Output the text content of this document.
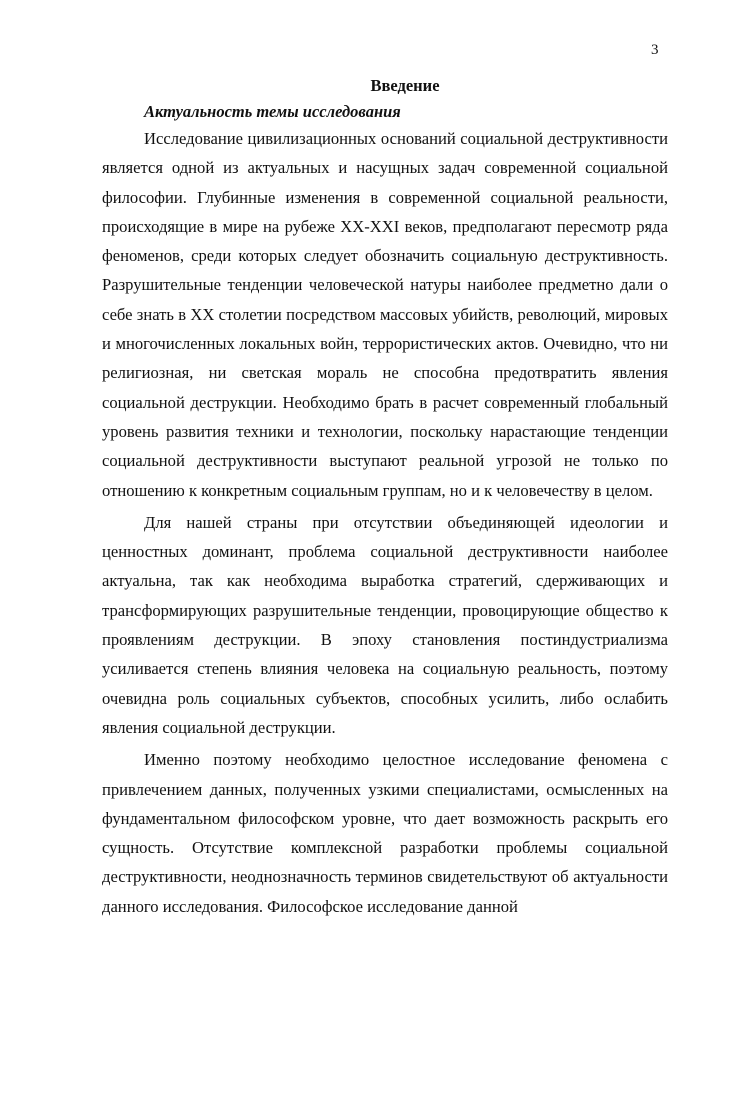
3
Введение
Актуальность темы исследования

Исследование цивилизационных оснований социальной деструктивности является одной из актуальных и насущных задач современной социальной философии. Глубинные изменения в современной социальной реальности, происходящие в мире на рубеже XX-XXI веков, предполагают пересмотр ряда феноменов, среди которых следует обозначить социальную деструктивность. Разрушительные тенденции человеческой натуры наиболее предметно дали о себе знать в XX столетии посредством массовых убийств, революций, мировых и многочисленных локальных войн, террористических актов. Очевидно, что ни религиозная, ни светская мораль не способна предотвратить явления социальной деструкции. Необходимо брать в расчет современный глобальный уровень развития техники и технологии, поскольку нарастающие тенденции социальной деструктивности выступают реальной угрозой не только по отношению к конкретным социальным группам, но и к человечеству в целом.

Для нашей страны при отсутствии объединяющей идеологии и ценностных доминант, проблема социальной деструктивности наиболее актуальна, так как необходима выработка стратегий, сдерживающих и трансформирующих разрушительные тенденции, провоцирующие общество к проявлениям деструкции. В эпоху становления постиндустриализма усиливается степень влияния человека на социальную реальность, поэтому очевидна роль социальных субъектов, способных усилить, либо ослабить явления социальной деструкции.

Именно поэтому необходимо целостное исследование феномена с привлечением данных, полученных узкими специалистами, осмысленных на фундаментальном философском уровне, что дает возможность раскрыть его сущность. Отсутствие комплексной разработки проблемы социальной деструктивности, неоднозначность терминов свидетельствуют об актуальности данного исследования. Философское исследование данной
